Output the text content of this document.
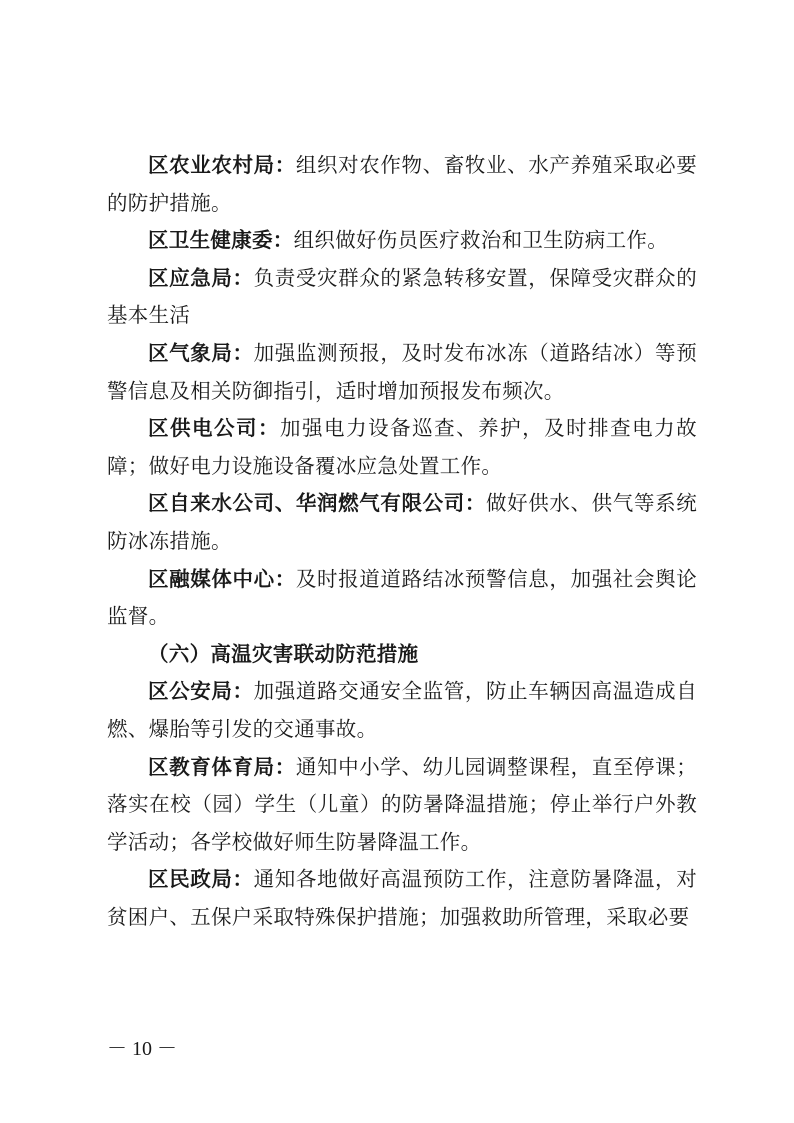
区农业农村局：组织对农作物、畜牧业、水产养殖采取必要的防护措施。

区卫生健康委：组织做好伤员医疗救治和卫生防病工作。

区应急局：负责受灾群众的紧急转移安置，保障受灾群众的基本生活

区气象局：加强监测预报，及时发布冰冻（道路结冰）等预警信息及相关防御指引，适时增加预报发布频次。

区供电公司：加强电力设备巡查、养护，及时排查电力故障；做好电力设施设备覆冰应急处置工作。

区自来水公司、华润燃气有限公司：做好供水、供气等系统防冰冻措施。

区融媒体中心：及时报道道路结冰预警信息，加强社会舆论监督。

（六）高温灾害联动防范措施

区公安局：加强道路交通安全监管，防止车辆因高温造成自燃、爆胎等引发的交通事故。

区教育体育局：通知中小学、幼儿园调整课程，直至停课；落实在校（园）学生（儿童）的防暑降温措施；停止举行户外教学活动；各学校做好师生防暑降温工作。

区民政局：通知各地做好高温预防工作，注意防暑降温，对贫困户、五保户采取特殊保护措施；加强救助所管理，采取必要

－ 10 －
